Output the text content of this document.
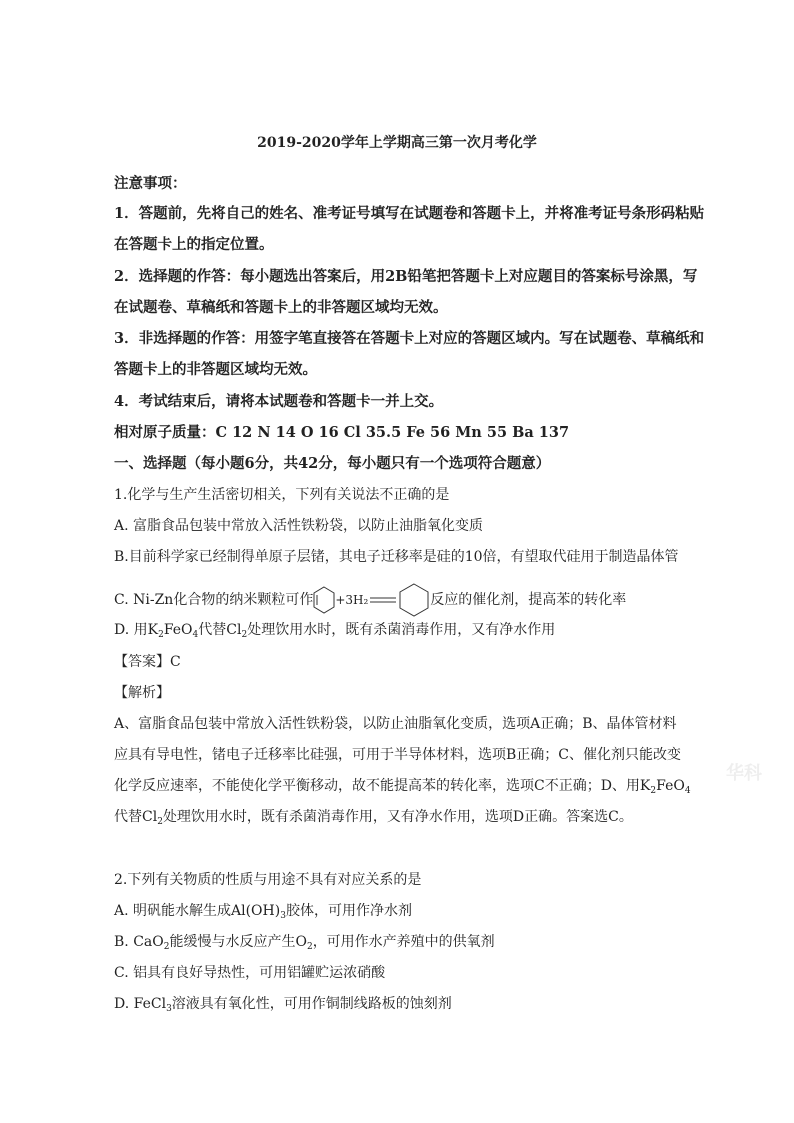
2019-2020学年上学期高三第一次月考化学
注意事项：
1．答题前，先将自己的姓名、准考证号填写在试题卷和答题卡上，并将准考证号条形码粘贴
在答题卡上的指定位置。
2．选择题的作答：每小题选出答案后，用2B铅笔把答题卡上对应题目的答案标号涂黑，写
在试题卷、草稿纸和答题卡上的非答题区域均无效。
3．非选择题的作答：用签字笔直接答在答题卡上对应的答题区域内。写在试题卷、草稿纸和
答题卡上的非答题区域均无效。
4．考试结束后，请将本试题卷和答题卡一并上交。
相对原子质量：C 12 N 14 O 16 Cl 35.5 Fe 56 Mn 55 Ba 137
一、选择题（每小题6分，共42分，每小题只有一个选项符合题意）
1.化学与生产生活密切相关，下列有关说法不正确的是
A. 富脂食品包装中常放入活性铁粉袋，以防止油脂氧化变质
B.目前科学家已经制得单原子层锗，其电子迁移率是硅的10倍，有望取代硅用于制造晶体管
C. Ni-Zn化合物的纳米颗粒可作 +3H₂	反应的催化剂，提高苯的转化率
D. 用$K_2FeO_4$代替$Cl_2$处理饮用水时，既有杀菌消毒作用，又有净水作用
【答案】C
【解析】
A、富脂食品包装中常放入活性铁粉袋，以防止油脂氧化变质，选项A正确；B、晶体管材料
应具有导电性，锗电子迁移率比硅强，可用于半导体材料，选项B正确；C、催化剂只能改变
化学反应速率，不能使化学平衡移动，故不能提高苯的转化率，选项C不正确；D、用$K_2FeO_4$
代替$Cl_2$处理饮用水时，既有杀菌消毒作用，又有净水作用，选项D正确。答案选C。
2.下列有关物质的性质与用途不具有对应关系的是
A. 明矾能水解生成$Al(OH)_3$胶体，可用作净水剂
B. CaO$_2$能缓慢与水反应产生$O_2$，可用作水产养殖中的供氧剂
C. 铝具有良好导热性，可用铝罐贮运浓硝酸
D. FeCl$_3$溶液具有氧化性，可用作铜制线路板的蚀刻剂
华科
